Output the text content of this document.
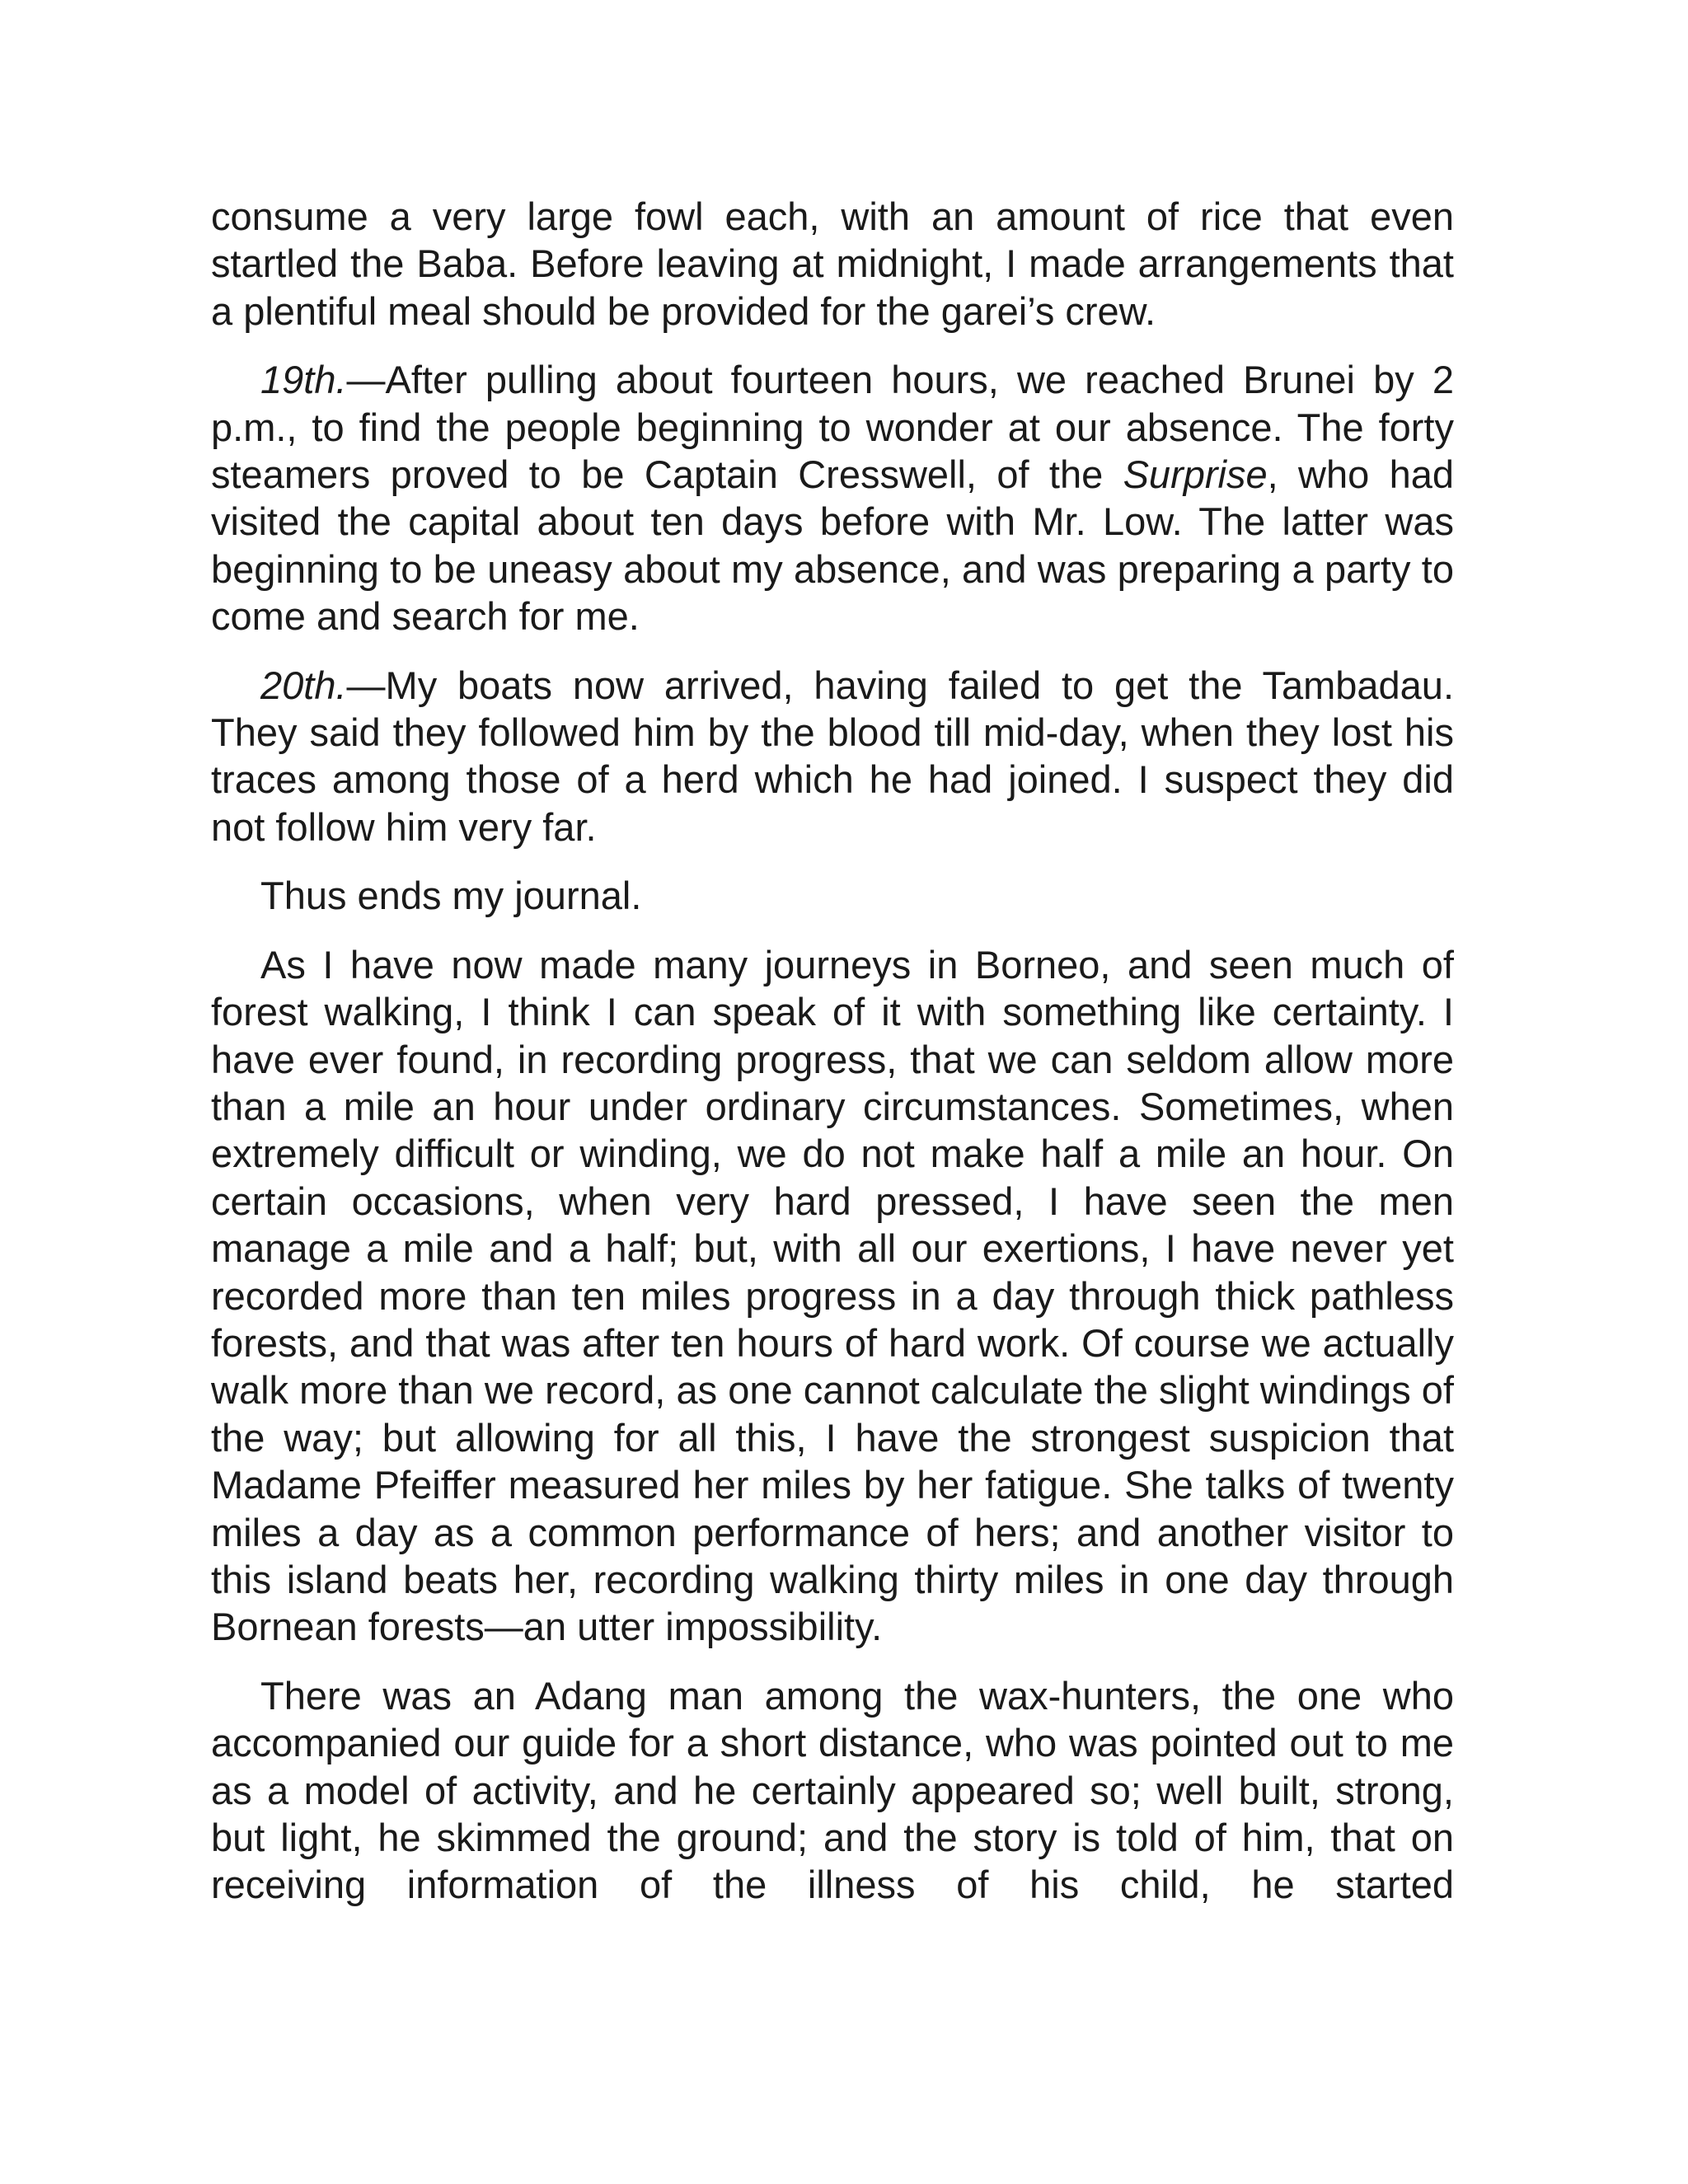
consume a very large fowl each, with an amount of rice that even startled the Baba. Before leaving at midnight, I made arrangements that a plentiful meal should be provided for the garei’s crew.

19th.—After pulling about fourteen hours, we reached Brunei by 2 p.m., to find the people beginning to wonder at our absence. The forty steamers proved to be Captain Cresswell, of the Surprise, who had visited the capital about ten days before with Mr. Low. The latter was beginning to be uneasy about my absence, and was preparing a party to come and search for me.

20th.—My boats now arrived, having failed to get the Tambadau. They said they followed him by the blood till mid-day, when they lost his traces among those of a herd which he had joined. I suspect they did not follow him very far.

Thus ends my journal.

As I have now made many journeys in Borneo, and seen much of forest walking, I think I can speak of it with something like certainty. I have ever found, in recording progress, that we can seldom allow more than a mile an hour under ordinary circumstances. Sometimes, when extremely difficult or winding, we do not make half a mile an hour. On certain occasions, when very hard pressed, I have seen the men manage a mile and a half; but, with all our exertions, I have never yet recorded more than ten miles progress in a day through thick pathless forests, and that was after ten hours of hard work. Of course we actually walk more than we record, as one cannot calculate the slight windings of the way; but allowing for all this, I have the strongest suspicion that Madame Pfeiffer measured her miles by her fatigue. She talks of twenty miles a day as a common performance of hers; and another visitor to this island beats her, recording walking thirty miles in one day through Bornean forests—an utter impossibility.

There was an Adang man among the wax-hunters, the one who accompanied our guide for a short distance, who was pointed out to me as a model of activity, and he certainly appeared so; well built, strong, but light, he skimmed the ground; and the story is told of him, that on receiving information of the illness of his child, he started
